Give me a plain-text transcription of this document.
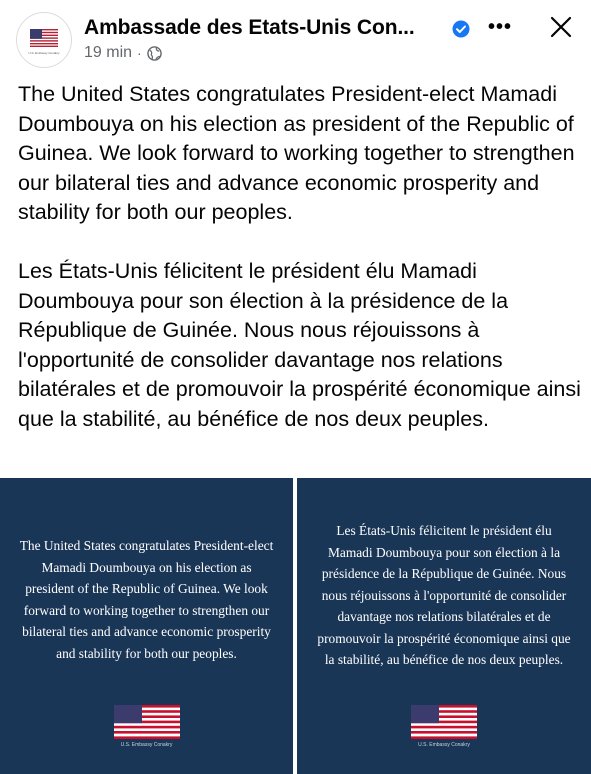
U.S. Embassy Conakry
Ambassade des Etats-Unis Con...
19 min ·
•••

The United States congratulates President-elect Mamadi Doumbouya on his election as president of the Republic of Guinea. We look forward to working together to strengthen our bilateral ties and advance economic prosperity and stability for both our peoples.

Les États-Unis félicitent le président élu Mamadi Doumbouya pour son élection à la présidence de la République de Guinée. Nous nous réjouissons à l'opportunité de consolider davantage nos relations bilatérales et de promouvoir la prospérité économique ainsi que la stabilité, au bénéfice de nos deux peuples.

The United States congratulates President-elect
Mamadi Doumbouya on his election as
president of the Republic of Guinea. We look
forward to working together to strengthen our
bilateral ties and advance economic prosperity
and stability for both our peoples.
U.S. Embassy Conakry
Les États-Unis félicitent le président élu
Mamadi Doumbouya pour son élection à la
présidence de la République de Guinée. Nous
nous réjouissons à l'opportunité de consolider
davantage nos relations bilatérales et de
promouvoir la prospérité économique ainsi que
la stabilité, au bénéfice de nos deux peuples.
U.S. Embassy Conakry
